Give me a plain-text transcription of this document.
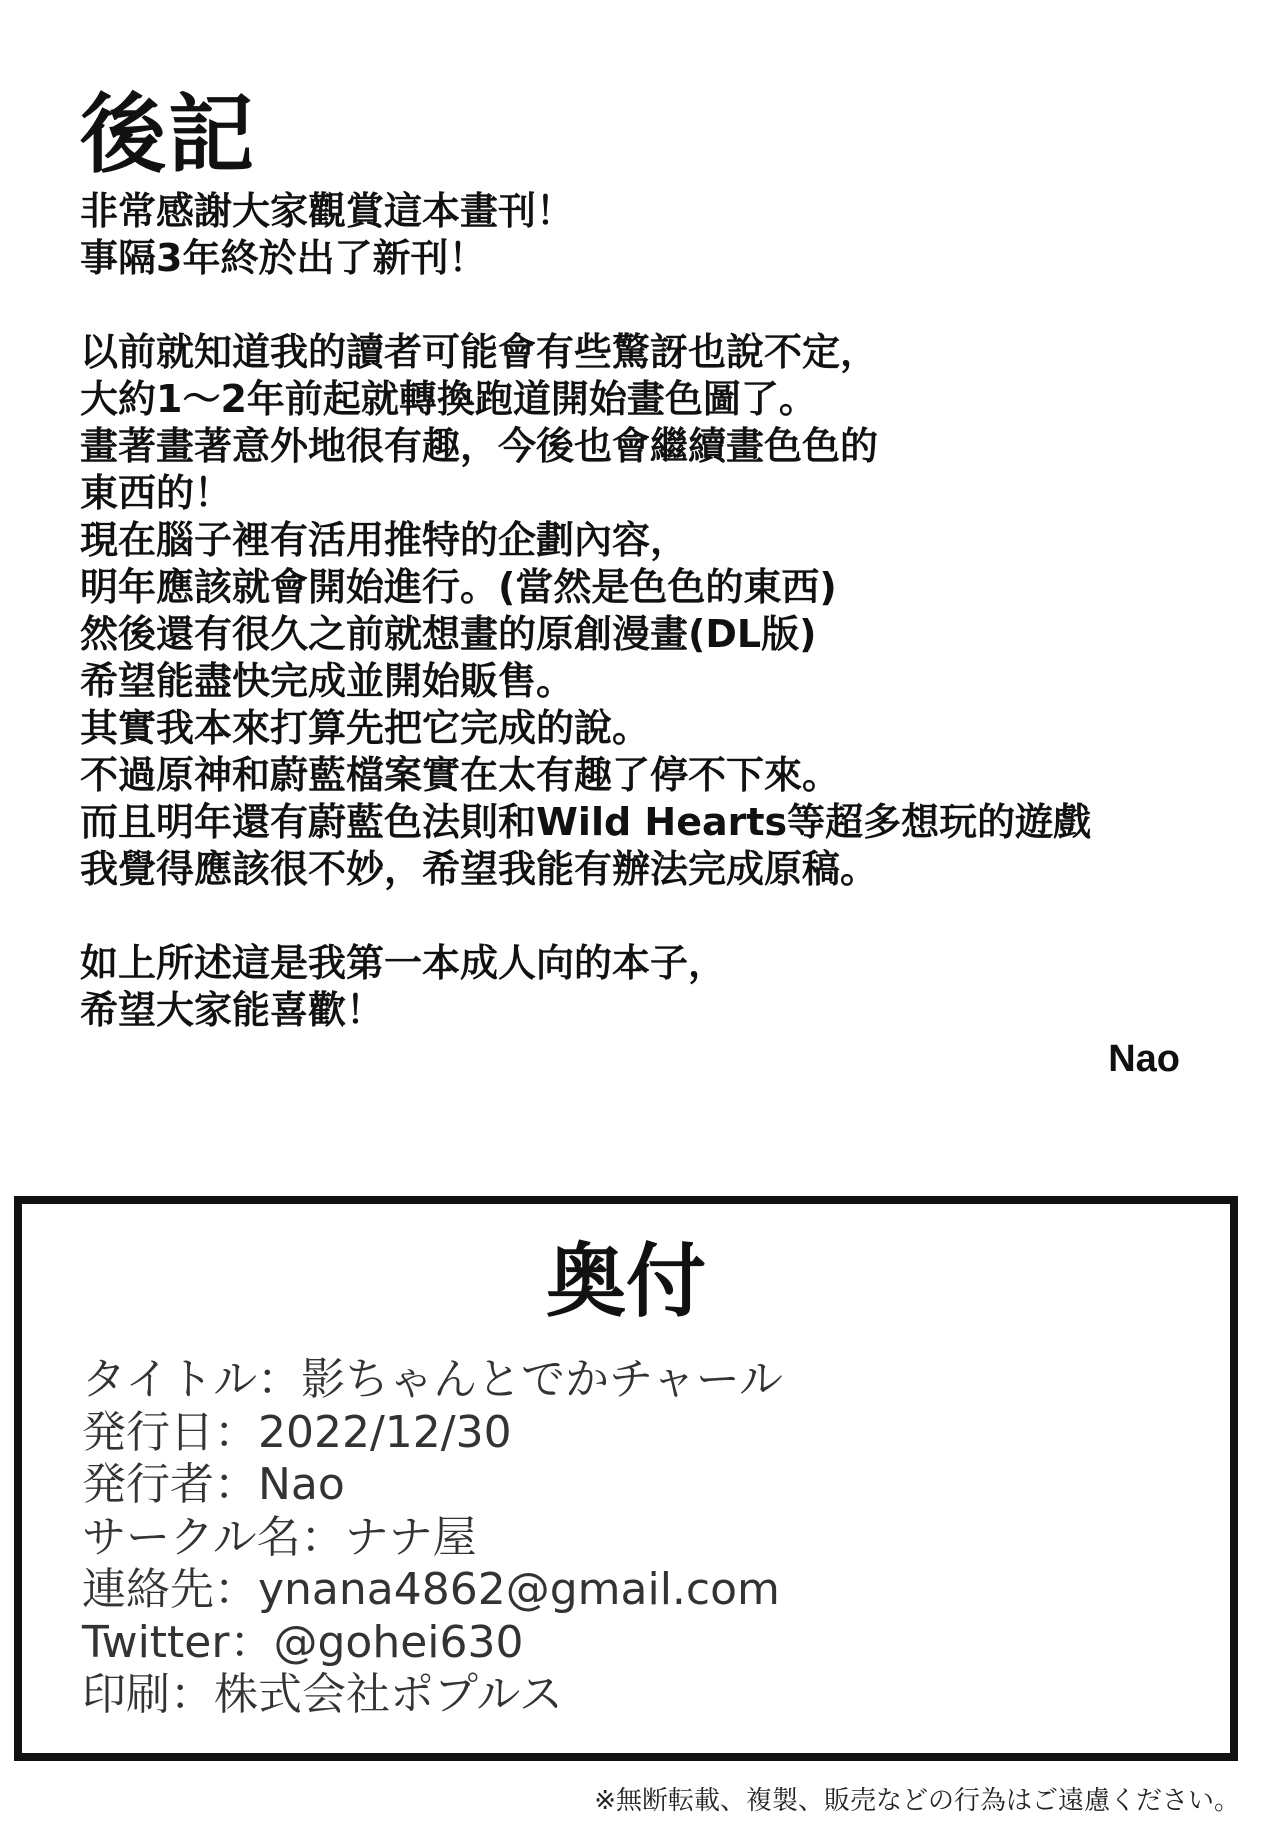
後記
非常感謝大家觀賞這本畫刊！
事隔3年終於出了新刊！
以前就知道我的讀者可能會有些驚訝也說不定，
大約1～2年前起就轉換跑道開始畫色圖了。
畫著畫著意外地很有趣，今後也會繼續畫色色的
東西的！
現在腦子裡有活用推特的企劃內容，
明年應該就會開始進行。(當然是色色的東西)
然後還有很久之前就想畫的原創漫畫(DL版)
希望能盡快完成並開始販售。
其實我本來打算先把它完成的說。
不過原神和蔚藍檔案實在太有趣了停不下來。
而且明年還有蔚藍色法則和Wild Hearts等超多想玩的遊戲
我覺得應該很不妙，希望我能有辦法完成原稿。
如上所述這是我第一本成人向的本子，
希望大家能喜歡！
Nao
奥付
タイトル：影ちゃんとでかチャール
発行日：2022/12/30
発行者：Nao
サークル名：ナナ屋
連絡先：ynana4862@gmail.com
Twitter：@gohei630
印刷：株式会社ポプルス
※無断転載、複製、販売などの行為はご遠慮ください。
